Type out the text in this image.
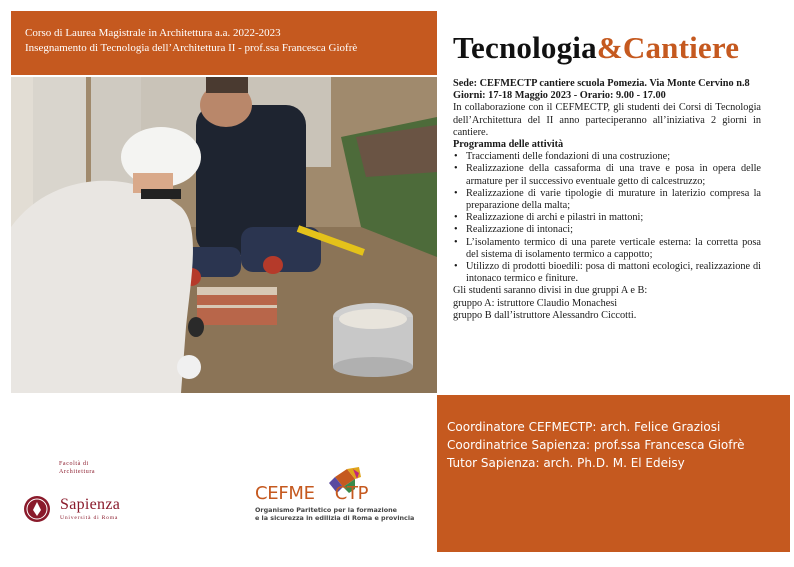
Corso di Laurea Magistrale in Architettura a.a. 2022-2023
Insegnamento di Tecnologia dell’Architettura II - prof.ssa Francesca Giofrè	Tecnologia&Cantiere

Sede: CEFMECTP cantiere scuola Pomezia. Via Monte Cervino n.8

Giorni: 17-18 Maggio 2023 - Orario: 9.00 - 17.00

In collaborazione con il CEFMECTP, gli studenti dei Corsi di Tecnologia dell’Architettura del II anno parteciperanno all’iniziativa 2 giorni in cantiere.

Programma delle attività

• Tracciamenti delle fondazioni di una costruzione;
• Realizzazione della cassaforma di una trave e posa in opera delle armature per il successivo eventuale getto di calcestruzzo;
• Realizzazione di varie tipologie di murature in laterizio compresa la preparazione della malta;
• Realizzazione di archi e pilastri in mattoni;
• Realizzazione di intonaci;
• L’isolamento termico di una parete verticale esterna: la corretta posa del sistema di isolamento termico a cappotto;
• Utilizzo di prodotti bioedili: posa di mattoni ecologici, realizzazione di intonaco termico e finiture.

Gli studenti saranno divisi in due gruppi A e B:

gruppo A: istruttore Claudio Monachesi

gruppo B dall’istruttore Alessandro Ciccotti.

Coordinatore CEFMECTP: arch. Felice Graziosi
Coordinatrice Sapienza: prof.ssa Francesca Giofrè
Tutor Sapienza: arch. Ph.D. M. El Edeisy
Facoltà di
Architettura
Sapienza
Università di Roma
CEFME CTP
Organismo Paritetico per la formazione
e la sicurezza in edilizia di Roma e provincia
